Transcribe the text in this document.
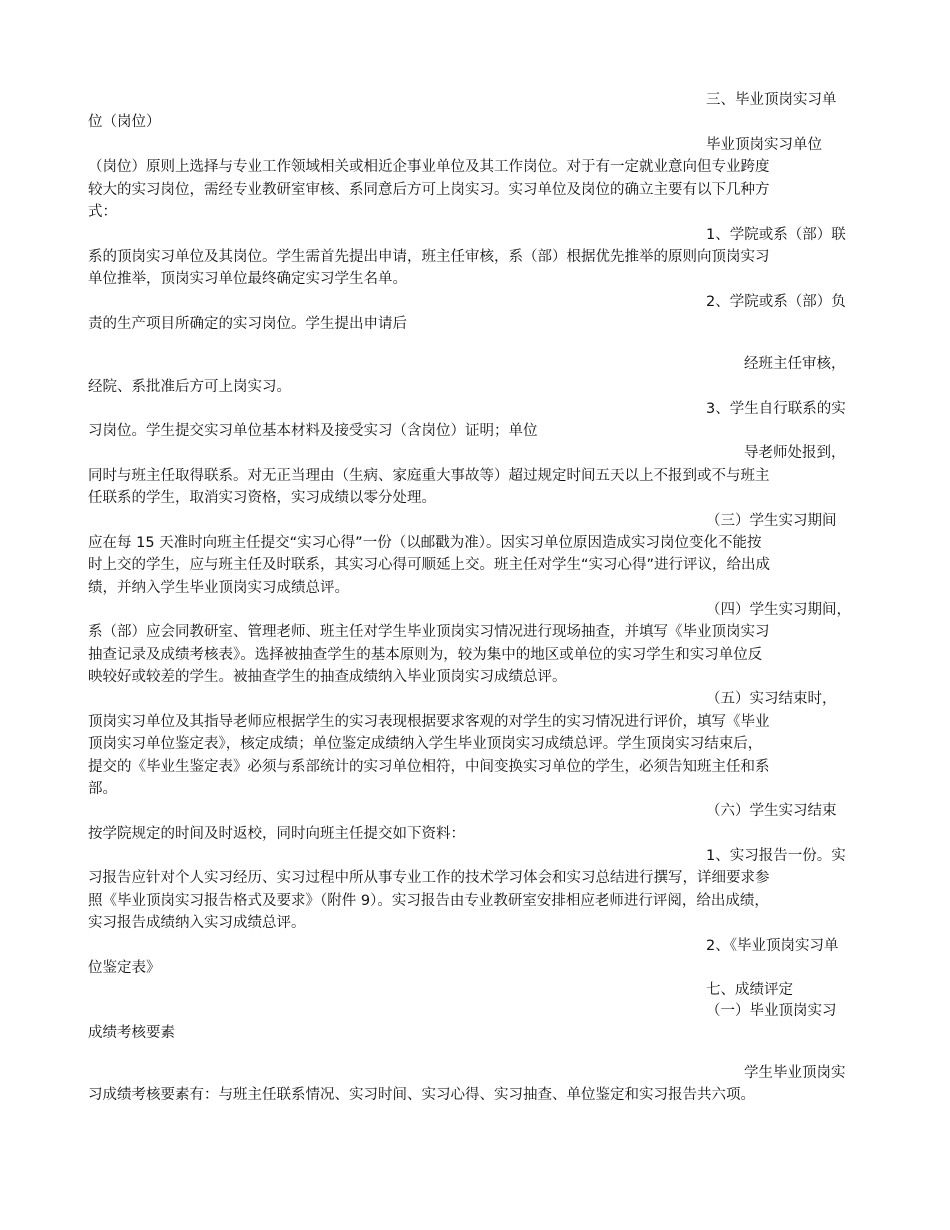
三、毕业顶岗实习单
位（岗位）
毕业顶岗实习单位
（岗位）原则上选择与专业工作领域相关或相近企事业单位及其工作岗位。对于有一定就业意向但专业跨度
较大的实习岗位，需经专业教研室审核、系同意后方可上岗实习。实习单位及岗位的确立主要有以下几种方
式：
1、学院或系（部）联
系的顶岗实习单位及其岗位。学生需首先提出申请，班主任审核，系（部）根据优先推举的原则向顶岗实习
单位推举，顶岗实习单位最终确定实习学生名单。
2、学院或系（部）负
责的生产项目所确定的实习岗位。学生提出申请后
经班主任审核，
经院、系批准后方可上岗实习。
3、学生自行联系的实
习岗位。学生提交实习单位基本材料及接受实习（含岗位）证明；单位
导老师处报到，
同时与班主任取得联系。对无正当理由（生病、家庭重大事故等）超过规定时间五天以上不报到或不与班主
任联系的学生，取消实习资格，实习成绩以零分处理。
（三）学生实习期间
应在每 15 天准时向班主任提交“实习心得”一份（以邮戳为准）。因实习单位原因造成实习岗位变化不能按
时上交的学生，应与班主任及时联系，其实习心得可顺延上交。班主任对学生“实习心得”进行评议，给出成
绩，并纳入学生毕业顶岗实习成绩总评。
（四）学生实习期间，
系（部）应会同教研室、管理老师、班主任对学生毕业顶岗实习情况进行现场抽查，并填写《毕业顶岗实习
抽查记录及成绩考核表》。选择被抽查学生的基本原则为，较为集中的地区或单位的实习学生和实习单位反
映较好或较差的学生。被抽查学生的抽查成绩纳入毕业顶岗实习成绩总评。
（五）实习结束时，
顶岗实习单位及其指导老师应根据学生的实习表现根据要求客观的对学生的实习情况进行评价，填写《毕业
顶岗实习单位鉴定表》，核定成绩；单位鉴定成绩纳入学生毕业顶岗实习成绩总评。学生顶岗实习结束后，
提交的《毕业生鉴定表》必须与系部统计的实习单位相符，中间变换实习单位的学生，必须告知班主任和系
部。
（六）学生实习结束
按学院规定的时间及时返校，同时向班主任提交如下资料：
1、实习报告一份。实
习报告应针对个人实习经历、实习过程中所从事专业工作的技术学习体会和实习总结进行撰写，详细要求参
照《毕业顶岗实习报告格式及要求》（附件 9）。实习报告由专业教研室安排相应老师进行评阅，给出成绩，
实习报告成绩纳入实习成绩总评。
2、《毕业顶岗实习单
位鉴定表》
七、成绩评定
（一）毕业顶岗实习
成绩考核要素
学生毕业顶岗实
习成绩考核要素有：与班主任联系情况、实习时间、实习心得、实习抽查、单位鉴定和实习报告共六项。
